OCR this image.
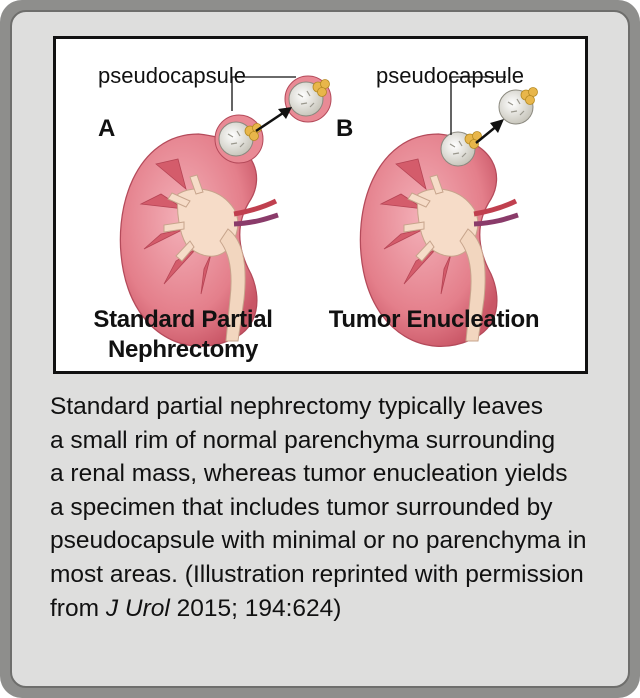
pseudocapsule
A
pseudocapsule
B
Standard Partial
Nephrectomy
Tumor Enucleation

Standard partial nephrectomy typically leaves

a small rim of normal parenchyma surrounding

a renal mass, whereas tumor enucleation yields

a specimen that includes tumor surrounded by

pseudocapsule with minimal or no parenchyma in

most areas. (Illustration reprinted with permission

from J Urol 2015; 194:624)
